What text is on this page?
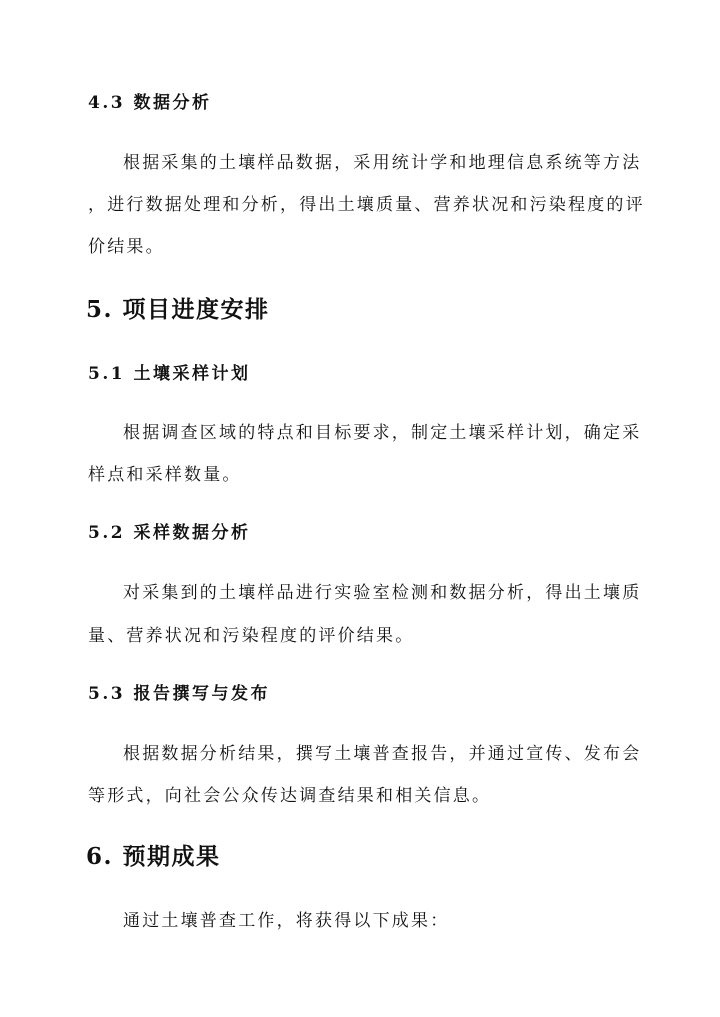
4.3 数据分析
根据采集的土壤样品数据，采用统计学和地理信息系统等方法
，进行数据处理和分析，得出土壤质量、营养状况和污染程度的评
价结果。
5. 项目进度安排
5.1 土壤采样计划
根据调查区域的特点和目标要求，制定土壤采样计划，确定采
样点和采样数量。
5.2 采样数据分析
对采集到的土壤样品进行实验室检测和数据分析，得出土壤质
量、营养状况和污染程度的评价结果。
5.3 报告撰写与发布
根据数据分析结果，撰写土壤普查报告，并通过宣传、发布会
等形式，向社会公众传达调查结果和相关信息。
6. 预期成果
通过土壤普查工作，将获得以下成果：
